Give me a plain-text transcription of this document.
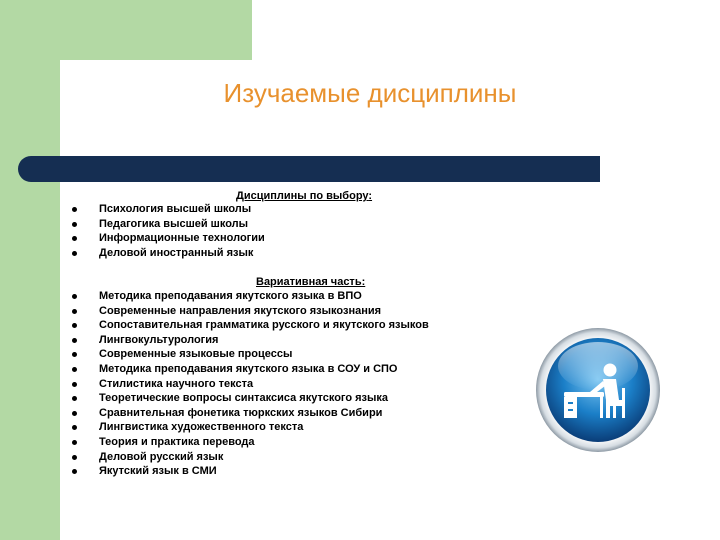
Изучаемые дисциплины
Дисциплины по выбору:
Психология высшей школы
Педагогика высшей школы
Информационные технологии
Деловой иностранный язык
Вариативная часть:
Методика преподавания якутского языка в ВПО
Современные направления якутского языкознания
Сопоставительная грамматика русского и якутского языков
Лингвокультурология
Современные языковые процессы
Методика преподавания якутского языка в СОУ и СПО
Стилистика научного текста
Теоретические вопросы синтаксиса якутского языка
Сравнительная фонетика тюркских языков Сибири
Лингвистика художественного текста
Теория и практика перевода
Деловой русский язык
Якутский язык в СМИ
